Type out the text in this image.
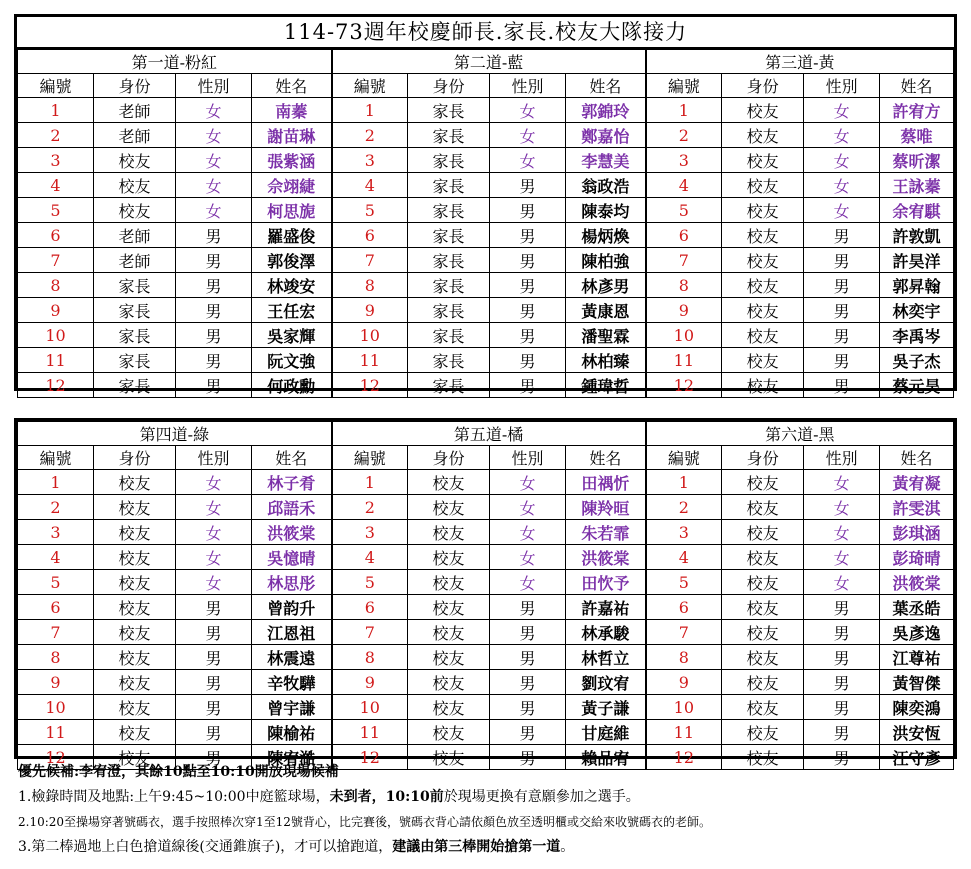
114-73週年校慶師長.家長.校友大隊接力
第一道-粉紅				第二道-藍				第三道-黃			
編號	身份	性別	姓名	編號	身份	性別	姓名	編號	身份	性別	姓名
1	老師	女	南蓁	1	家長	女	郭錦玲	1	校友	女	許宥方
2	老師	女	謝苗琳	2	家長	女	鄭嘉怡	2	校友	女	蔡唯
3	校友	女	張紫涵	3	家長	女	李慧美	3	校友	女	蔡昕潔
4	校友	女	佘翊緁	4	家長	男	翁政浩	4	校友	女	王詠蓁
5	校友	女	柯思旎	5	家長	男	陳泰均	5	校友	女	余宥騏
6	老師	男	羅盛俊	6	家長	男	楊炳煥	6	校友	男	許敦凱
7	老師	男	郭俊澤	7	家長	男	陳柏強	7	校友	男	許昊洋
8	家長	男	林竣安	8	家長	男	林彥男	8	校友	男	郭昇翰
9	家長	男	王任宏	9	家長	男	黃康恩	9	校友	男	林奕宇
10	家長	男	吳家輝	10	家長	男	潘聖霖	10	校友	男	李禹岑
11	家長	男	阮文強	11	家長	男	林柏臻	11	校友	男	吳子杰
12	家長	男	何政勳	12	家長	男	鍾瑋哲	12	校友	男	蔡元昊
第四道-綠				第五道-橘				第六道-黑			
編號	身份	性別	姓名	編號	身份	性別	姓名	編號	身份	性別	姓名
1	校友	女	林子肴	1	校友	女	田禑忻	1	校友	女	黃宥凝
2	校友	女	邱語禾	2	校友	女	陳羚晅	2	校友	女	許雯淇
3	校友	女	洪筱棠	3	校友	女	朱若霏	3	校友	女	彭琪涵
4	校友	女	吳憶晴	4	校友	女	洪筱棠	4	校友	女	彭琦晴
5	校友	女	林思彤	5	校友	女	田忺予	5	校友	女	洪筱棠
6	校友	男	曾韵升	6	校友	男	許嘉祐	6	校友	男	葉丞皓
7	校友	男	江恩祖	7	校友	男	林承駿	7	校友	男	吳彥逸
8	校友	男	林震遠	8	校友	男	林哲立	8	校友	男	江尊祐
9	校友	男	辛牧驊	9	校友	男	劉玟宥	9	校友	男	黃智傑
10	校友	男	曾宇謙	10	校友	男	黃子謙	10	校友	男	陳奕鴻
11	校友	男	陳榆祐	11	校友	男	甘庭維	11	校友	男	洪安恆
12	校友	男	陳宥澔	12	校友	男	賴品宥	12	校友	男	汪守彥
優先候補:李宥澄，其餘10點至10:10開放現場候補
1.檢錄時間及地點:上午9:45~10:00中庭籃球場，未到者，10:10前於現場更換有意願參加之選手。
2.10:20至操場穿著號碼衣，選手按照棒次穿1至12號背心，比完賽後，號碼衣背心請依顏色放至透明櫃或交給來收號碼衣的老師。
3.第二棒過地上白色搶道線後(交通錐旗子)，才可以搶跑道，建議由第三棒開始搶第一道。
